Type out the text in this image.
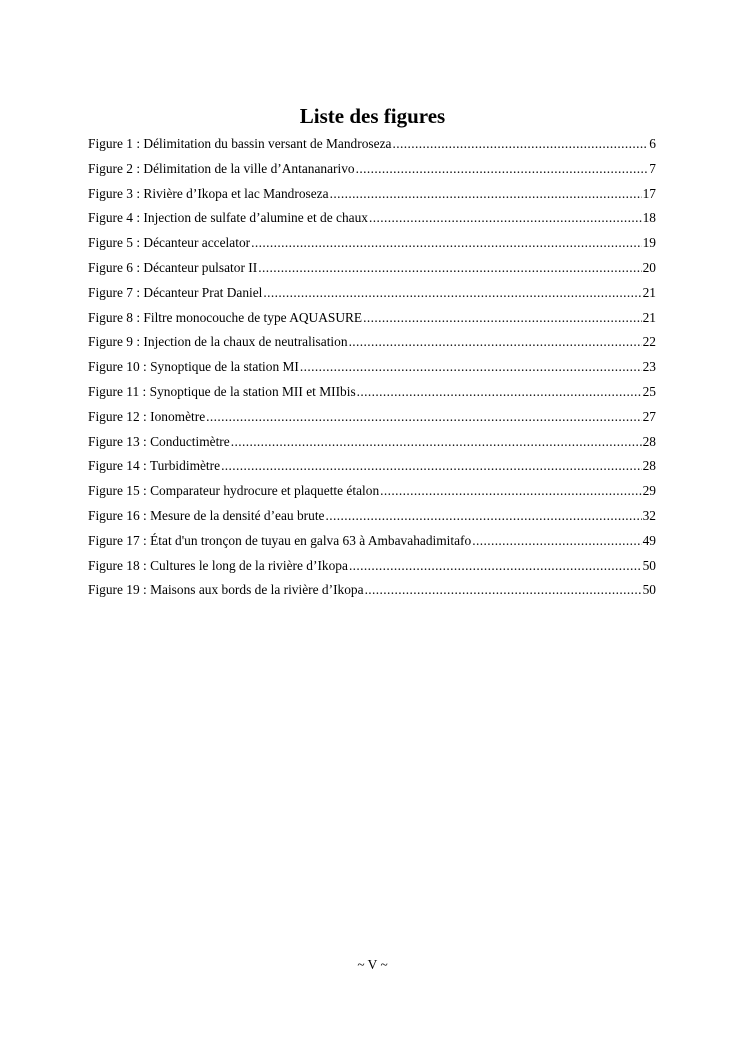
Liste des figures
Figure 1 : Délimitation du bassin versant de Mandroseza .....	6
Figure 2 : Délimitation de la ville d’Antananarivo .....	7
Figure 3 : Rivière d’Ikopa et lac Mandroseza .....	17
Figure 4 : Injection de sulfate d’alumine et de chaux .....	18
Figure 5 : Décanteur accelator .....	19
Figure 6 : Décanteur pulsator II .....	20
Figure 7 : Décanteur Prat Daniel .....	21
Figure 8 : Filtre monocouche de type AQUASURE .....	21
Figure 9 : Injection de la chaux de neutralisation .....	22
Figure 10 : Synoptique de la station MI .....	23
Figure 11 : Synoptique de la station MII et MIIbis .....	25
Figure 12 : Ionomètre .....	27
Figure 13 : Conductimètre .....	28
Figure 14 : Turbidimètre .....	28
Figure 15 : Comparateur hydrocure et plaquette étalon .....	29
Figure 16 : Mesure de la densité d’eau brute .....	32
Figure 17 : État d'un tronçon de tuyau en galva 63 à Ambavahadimitafo .....	49
Figure 18 : Cultures le long de la rivière d’Ikopa .....	50
Figure 19 : Maisons aux bords de la rivière d’Ikopa .....	50
~ V ~
